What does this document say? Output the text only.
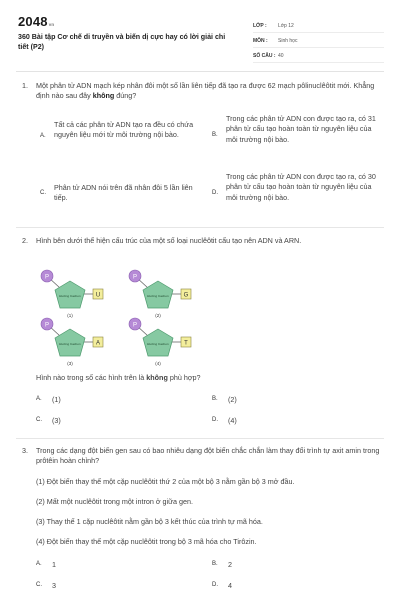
2048vn
360 Bài tập Cơ chế di truyền và biến dị cực hay có lời giải chi tiết (P2)
LỚP :	Lớp 12
MÔN :	Sinh học
SỐ CÂU : 40
1.	Một phân tử ADN mạch kép nhân đôi một số lần liên tiếp đã tạo ra được 62 mạch pôlinuclêôtit mới. Khẳng định nào sau đây không đúng?
A.
Tất cả các phân tử ADN tạo ra đều có chứa nguyên liệu mới từ môi trường nội bào.	B.
Trong các phân tử ADN con được tạo ra, có 31 phân tử cấu tạo hoàn toàn từ nguyên liệu của môi trường nội bào.
C.
Phân tử ADN nói trên đã nhân đôi 5 lần liên tiếp.
D.
Trong các phân tử ADN con được tạo ra, có 30 phân tử cấu tạo hoàn toàn từ nguyên liệu của môi trường nội bào.
2.	Hình bên dưới thể hiện cấu trúc của một số loại nuclêôtit cấu tạo nên ADN và ARN.
P
Đường Cacbon	U
(1)
P
Đường Cacbon	G
(2)
P
Đường Cacbon	A
(3)
P
Đường Cacbon	T
(4)
Hình nào trong số các hình trên là không phù hợp?
A. (1)	B. (2)
C. (3)	D. (4)
3.	Trong các dạng đột biến gen sau có bao nhiêu dạng đột biến chắc chắn làm thay đổi trình tự axit amin trong prôtêin hoàn chỉnh?
(1) Đột biến thay thế một cặp nuclêôtit thứ 2 của một bộ 3 nằm gần bộ 3 mở đầu.
(2) Mất một nuclêôtit trong một intron ở giữa gen.
(3) Thay thế 1 cặp nuclêôtit nằm gần bộ 3 kết thúc của trình tự mã hóa.
(4) Đột biến thay thế một cặp nuclêôtit trong bộ 3 mã hóa cho Tirôzin.
A. 1	B. 2
C. 3	D. 4
